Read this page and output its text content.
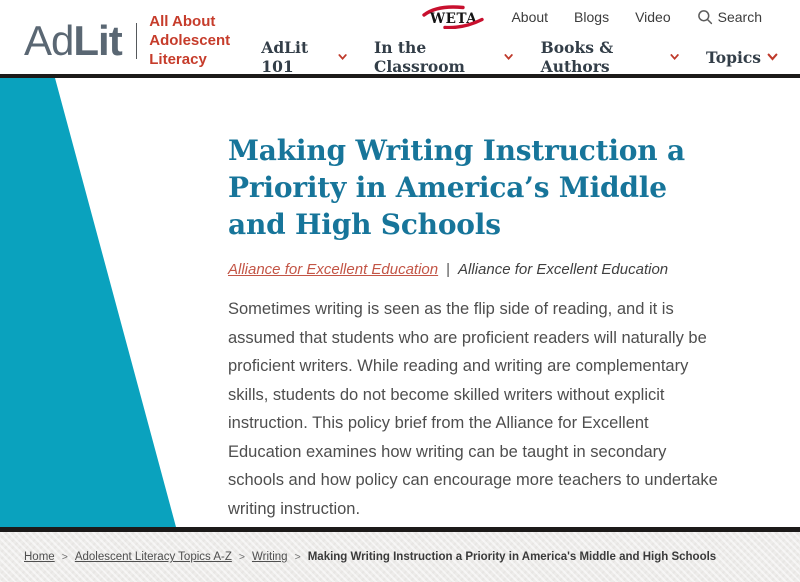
Ad Lit All About
Adolescent Literacy
WETA About Blogs Video	Search
AdLit 101
In the Classroom
Books & Authors	Topics
Making Writing Instruction a Priority in America’s Middle and High Schools

Alliance for Excellent Education | Alliance for Excellent Education

Sometimes writing is seen as the flip side of reading, and it is assumed that students who are proficient readers will naturally be proficient writers. While reading and writing are complementary skills, students do not become skilled writers without explicit instruction. This policy brief from the Alliance for Excellent Education examines how writing can be taught in secondary schools and how policy can encourage more teachers to undertake writing instruction.

Home > Adolescent Literacy Topics A-Z > Writing > Making Writing Instruction a Priority in America's Middle and High Schools
